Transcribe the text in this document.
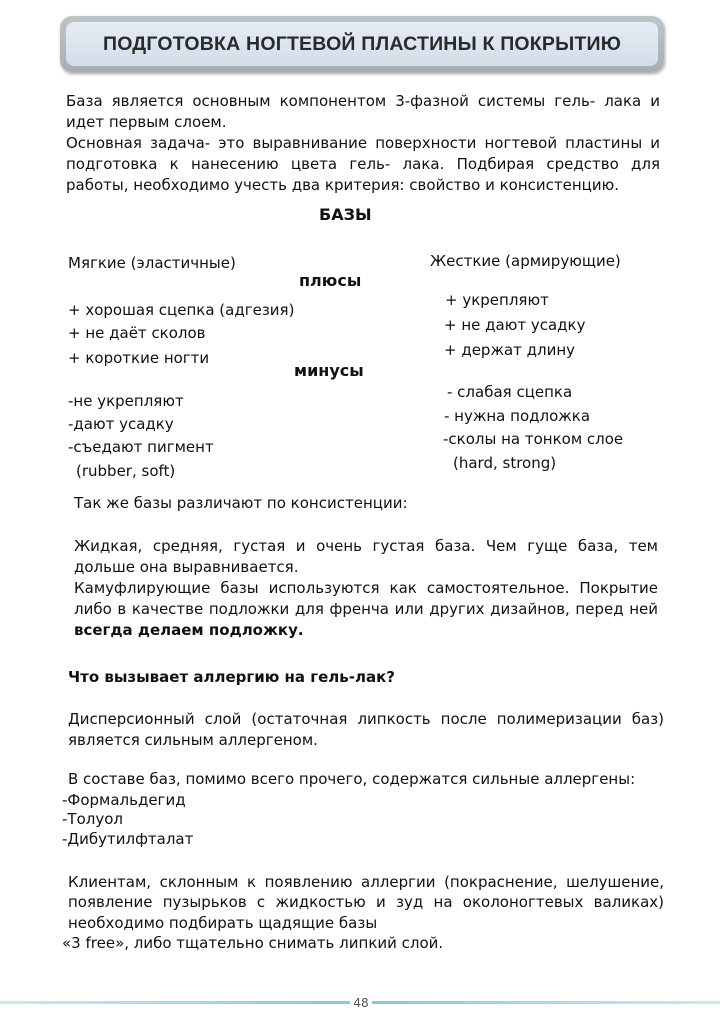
ПОДГОТОВКА НОГТЕВОЙ ПЛАСТИНЫ К ПОКРЫТИЮ
База является основным компонентом 3-фазной системы гель- лака и
идет первым слоем.
Основная задача- это выравнивание поверхности ногтевой пластины и
подготовка к нанесению цвета гель- лака. Подбирая средство для
работы, необходимо учесть два критерия: свойство и консистенцию.
БАЗЫ
Мягкие (эластичные)
плюсы
+ хорошая сцепка (адгезия)
+ не даёт сколов
+ короткие ногти
минусы
-не укрепляют
-дают усадку
-съедают пигмент
(rubber, soft)
Жесткие (армирующие)
+ укрепляют
+ не дают усадку
+ держат длину
- слабая сцепка
- нужна подложка
-сколы на тонком слое
(hard, strong)
Так же базы различают по консистенции:
Жидкая, средняя, густая и очень густая база. Чем гуще база, тем
дольше она выравнивается.
Камуфлирующие базы используются как самостоятельное. Покрытие
либо в качестве подложки для френча или других дизайнов, перед ней
всегда делаем подложку.
Что вызывает аллергию на гель-лак?
Дисперсионный слой (остаточная липкость после полимеризации баз)
является сильным аллергеном.
В составе баз, помимо всего прочего, содержатся сильные аллергены:
-Формальдегид
-Толуол
-Дибутилфталат
Клиентам, склонным к появлению аллергии (покраснение, шелушение,
появление пузырьков с жидкостью и зуд на околоногтевых валиках)
необходимо подбирать щадящие базы
«3 free», либо тщательно снимать липкий слой.
48
